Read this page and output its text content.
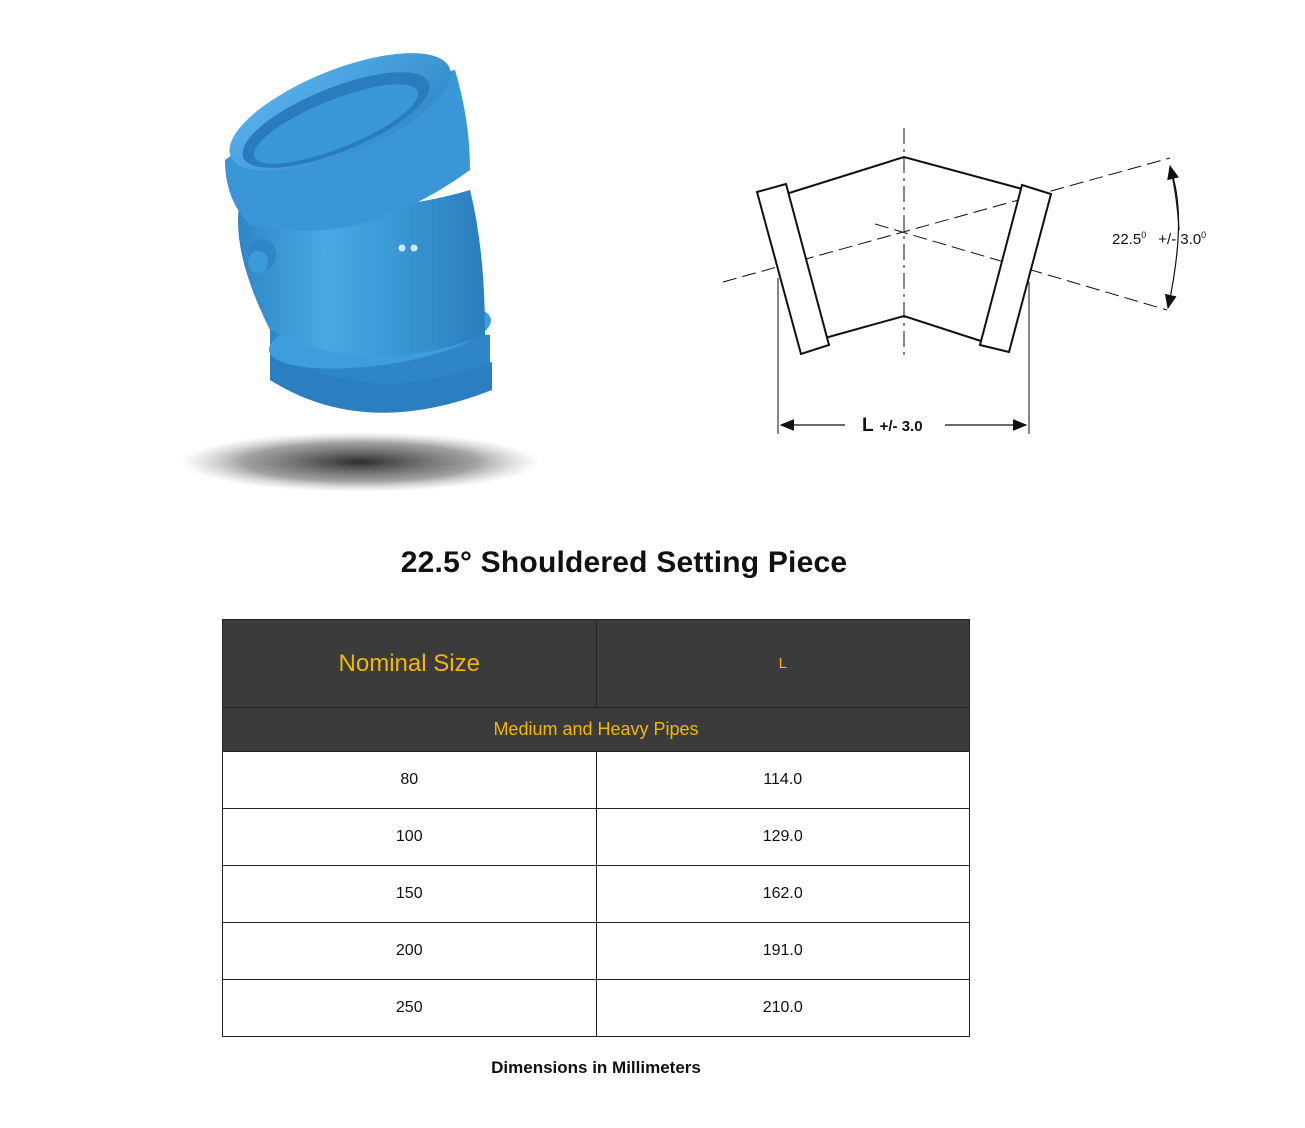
$22.5^0$ +/- $3.0^0$
L +/- 3.0
22.5° Shouldered Setting Piece
Nominal Size	L
Medium and Heavy Pipes	
80	114.0
100	129.0
150	162.0
200	191.0
250	210.0
Dimensions in Millimeters
